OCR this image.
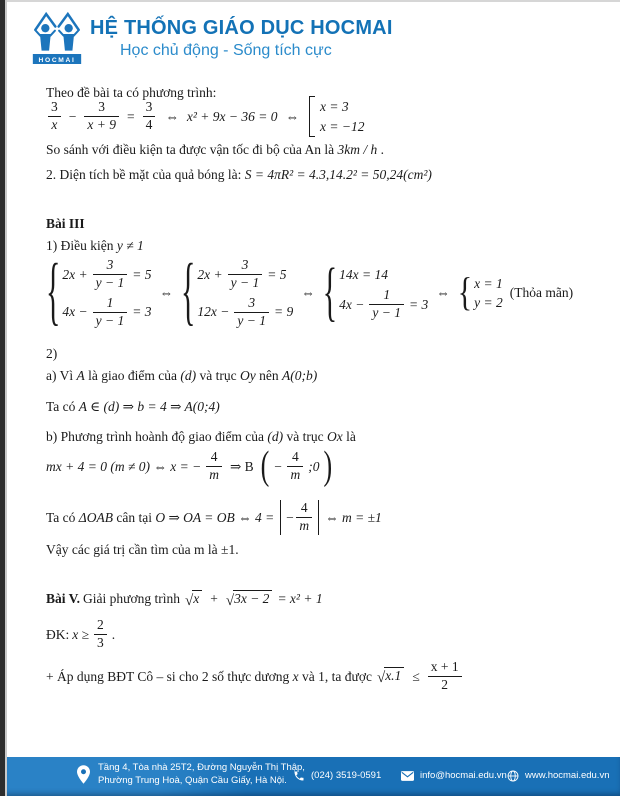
HOCMAI
HỆ THỐNG GIÁO DỤC HOCMAI
Học chủ động - Sống tích cực

Theo đề bài ta có phương trình:

$\frac{3}{x} - \frac{3}{x + 9} = \frac{3}{4}$ ⇔ x² + 9x − 36 = 0 ⇔
x = 3
x = −12

So sánh với điều kiện ta được vận tốc đi bộ của An là 3km / h .

2. Diện tích bề mặt của quả bóng là: S = 4πR² = 4.3,14.2² = 50,24(cm²)

Bài III

1) Điều kiện y ≠ 1

{ $2x + \frac{3}{y - 1} = 5$
$4x - \frac{1}{y - 1} = 3$
⇔ { $2x + \frac{3}{y - 1} = 5$
$12x - \frac{3}{y - 1} = 9$
⇔ { 14x = 14
$4x - \frac{1}{y - 1} = 3$
⇔ { x = 1
y = 2
(Thỏa mãn)

2)

a) Vì A là giao điểm của (d) và trục Oy nên A(0;b)

Ta có A ∈ (d) ⇒ b = 4 ⇒ A(0;4)

b) Phương trình hoành độ giao điểm của (d) và trục Ox là

mx + 4 = 0 (m ≠ 0) ⇔ x = − $\frac{4}{m}$ ⇒ B ( − $\frac{4}{m}$ ;0 )
Ta có ΔOAB cân tại O ⇒ OA = OB ⇔ 4 = − $\frac{4}{m}$ ⇔ m = ±1

Vậy các giá trị cần tìm của m là ±1.

Bài V. Giải phương trình √ x + √ 3x − 2 = x² + 1
ĐK: $x \ge \frac{2}{3}$ .
+ Áp dụng BĐT Cô – si cho 2 số thực dương x và 1, ta được √ $x.1 \le \frac{x + 1}{2}$
Tầng 4, Tòa nhà 25T2, Đường Nguyễn Thị Thập,
Phường Trung Hoà, Quận Cầu Giấy, Hà Nội.	(024) 3519-0591	info@hocmai.edu.vn www.hocmai.edu.vn
